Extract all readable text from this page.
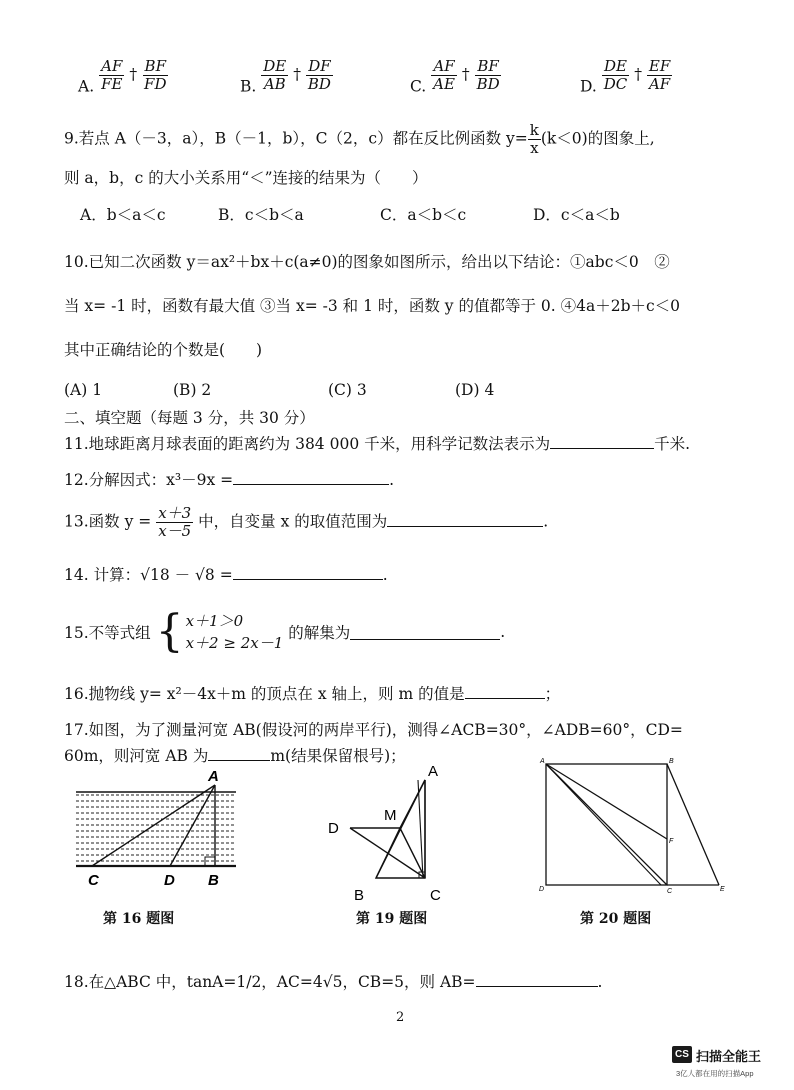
A. $\frac{AF}{FE}$ † $\frac{BF}{FD}$	B. $\frac{DE}{AB}$ † $\frac{DF}{BD}$	C. $\frac{AF}{AE}$ † $\frac{BF}{BD}$	D. $\frac{DE}{DC}$ † $\frac{EF}{AF}$
9.若点 A（－3，a），B（－1，b），C（2，c）都在反比例函数 $y= \frac{k}{x} (k<0)$的图象上,
则 a，b，c 的大小关系用“＜”连接的结果为（　　）
A．b＜a＜c	B．c＜b＜a	C．a＜b＜c	D．c＜a＜b
10.已知二次函数 y＝ax²＋bx＋c(a≠0)的图象如图所示，给出以下结论：①abc＜0　②
当 x= -1 时，函数有最大值 ③当 x= -3 和 1 时，函数 y 的值都等于 0. ④4a＋2b＋c＜0
其中正确结论的个数是(　　)
(A) 1	(B) 2	(C) 3	(D) 4
二、填空题（每题 3 分，共 30 分）
11.地球距离月球表面的距离约为 384 000 千米，用科学记数法表示为	千米.
12.分解因式：x³－9x =	.
13.函数 $y = \frac{x+3}{x-5}$ 中，自变量 x 的取值范围为	.
14. 计算：√18 － √8 =	.
15.不等式组 { x＋1＞0
x＋2 ≥ 2x－1
的解集为	.
16.抛物线 y= x²－4x＋m 的顶点在 x 轴上，则 m 的值是	；
17.如图，为了测量河宽 AB(假设河的两岸平行)，测得∠ACB=30°，∠ADB=60°，CD=
60m，则河宽 AB 为	m(结果保留根号)；
A
C	D B
第 16 题图
A
M
D
B	C
第 19 题图
A	B
F
D	C	E
第 20 题图
18.在△ABC 中，tanA=1/2，AC=4√5，CB=5，则 AB=	.
2
CS 扫描全能王
3亿人都在用的扫描App
